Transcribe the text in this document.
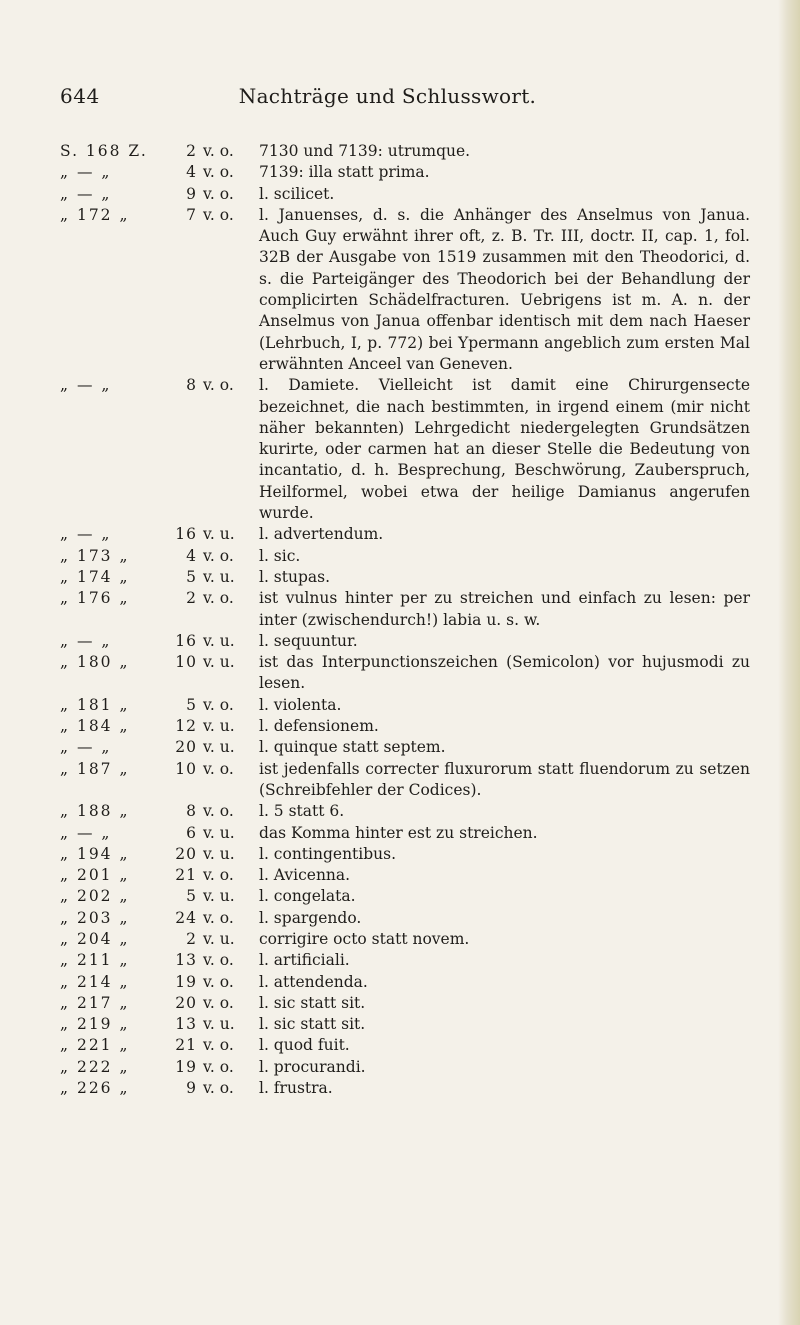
644	Nachträge und Schlusswort.
S. 168 Z.	2 v. o.	7130 und 7139: utrumque.
„ — „	4 v. o.	7139: illa statt prima.
„ — „	9 v. o.	l. scilicet.
„ 172 „	7 v. o.	l. Januenses, d. s. die Anhänger des Anselmus von Janua. Auch Guy erwähnt ihrer oft, z. B. Tr. III, doctr. II, cap. 1, fol. 32B der Ausgabe von 1519 zusammen mit den Theodorici, d. s. die Parteigänger des Theodorich bei der Behandlung der complicirten Schädelfracturen. Uebrigens ist m. A. n. der Anselmus von Janua offenbar identisch mit dem nach Haeser (Lehrbuch, I, p. 772) bei Ypermann angeblich zum ersten Mal erwähnten Anceel van Geneven.
„ — „	8 v. o.	l. Damiete. Vielleicht ist damit eine Chirurgensecte bezeichnet, die nach bestimmten, in irgend einem (mir nicht näher bekannten) Lehrgedicht niedergelegten Grundsätzen kurirte, oder carmen hat an dieser Stelle die Bedeutung von incantatio, d. h. Besprechung, Beschwörung, Zauberspruch, Heilformel, wobei etwa der heilige Damianus angerufen wurde.
„ — „	16 v. u.	l. advertendum.
„ 173 „	4 v. o.	l. sic.
„ 174 „	5 v. u.	l. stupas.
„ 176 „	2 v. o.	ist vulnus hinter per zu streichen und einfach zu lesen: per inter (zwischendurch!) labia u. s. w.
„ — „	16 v. u.	l. sequuntur.
„ 180 „	10 v. u.	ist das Interpunctionszeichen (Semicolon) vor hujusmodi zu lesen.
„ 181 „	5 v. o.	l. violenta.
„ 184 „	12 v. u.	l. defensionem.
„ — „	20 v. u.	l. quinque statt septem.
„ 187 „	10 v. o.	ist jedenfalls correcter fluxurorum statt fluendorum zu setzen (Schreibfehler der Codices).
„ 188 „	8 v. o.	l. 5 statt 6.
„ — „	6 v. u.	das Komma hinter est zu streichen.
„ 194 „	20 v. u.	l. contingentibus.
„ 201 „	21 v. o.	l. Avicenna.
„ 202 „	5 v. u.	l. congelata.
„ 203 „	24 v. o.	l. spargendo.
„ 204 „	2 v. u.	corrigire octo statt novem.
„ 211 „	13 v. o.	l. artificiali.
„ 214 „	19 v. o.	l. attendenda.
„ 217 „	20 v. o.	l. sic statt sit.
„ 219 „	13 v. u.	l. sic statt sit.
„ 221 „	21 v. o.	l. quod fuit.
„ 222 „	19 v. o.	l. procurandi.
„ 226 „	9 v. o.	l. frustra.
